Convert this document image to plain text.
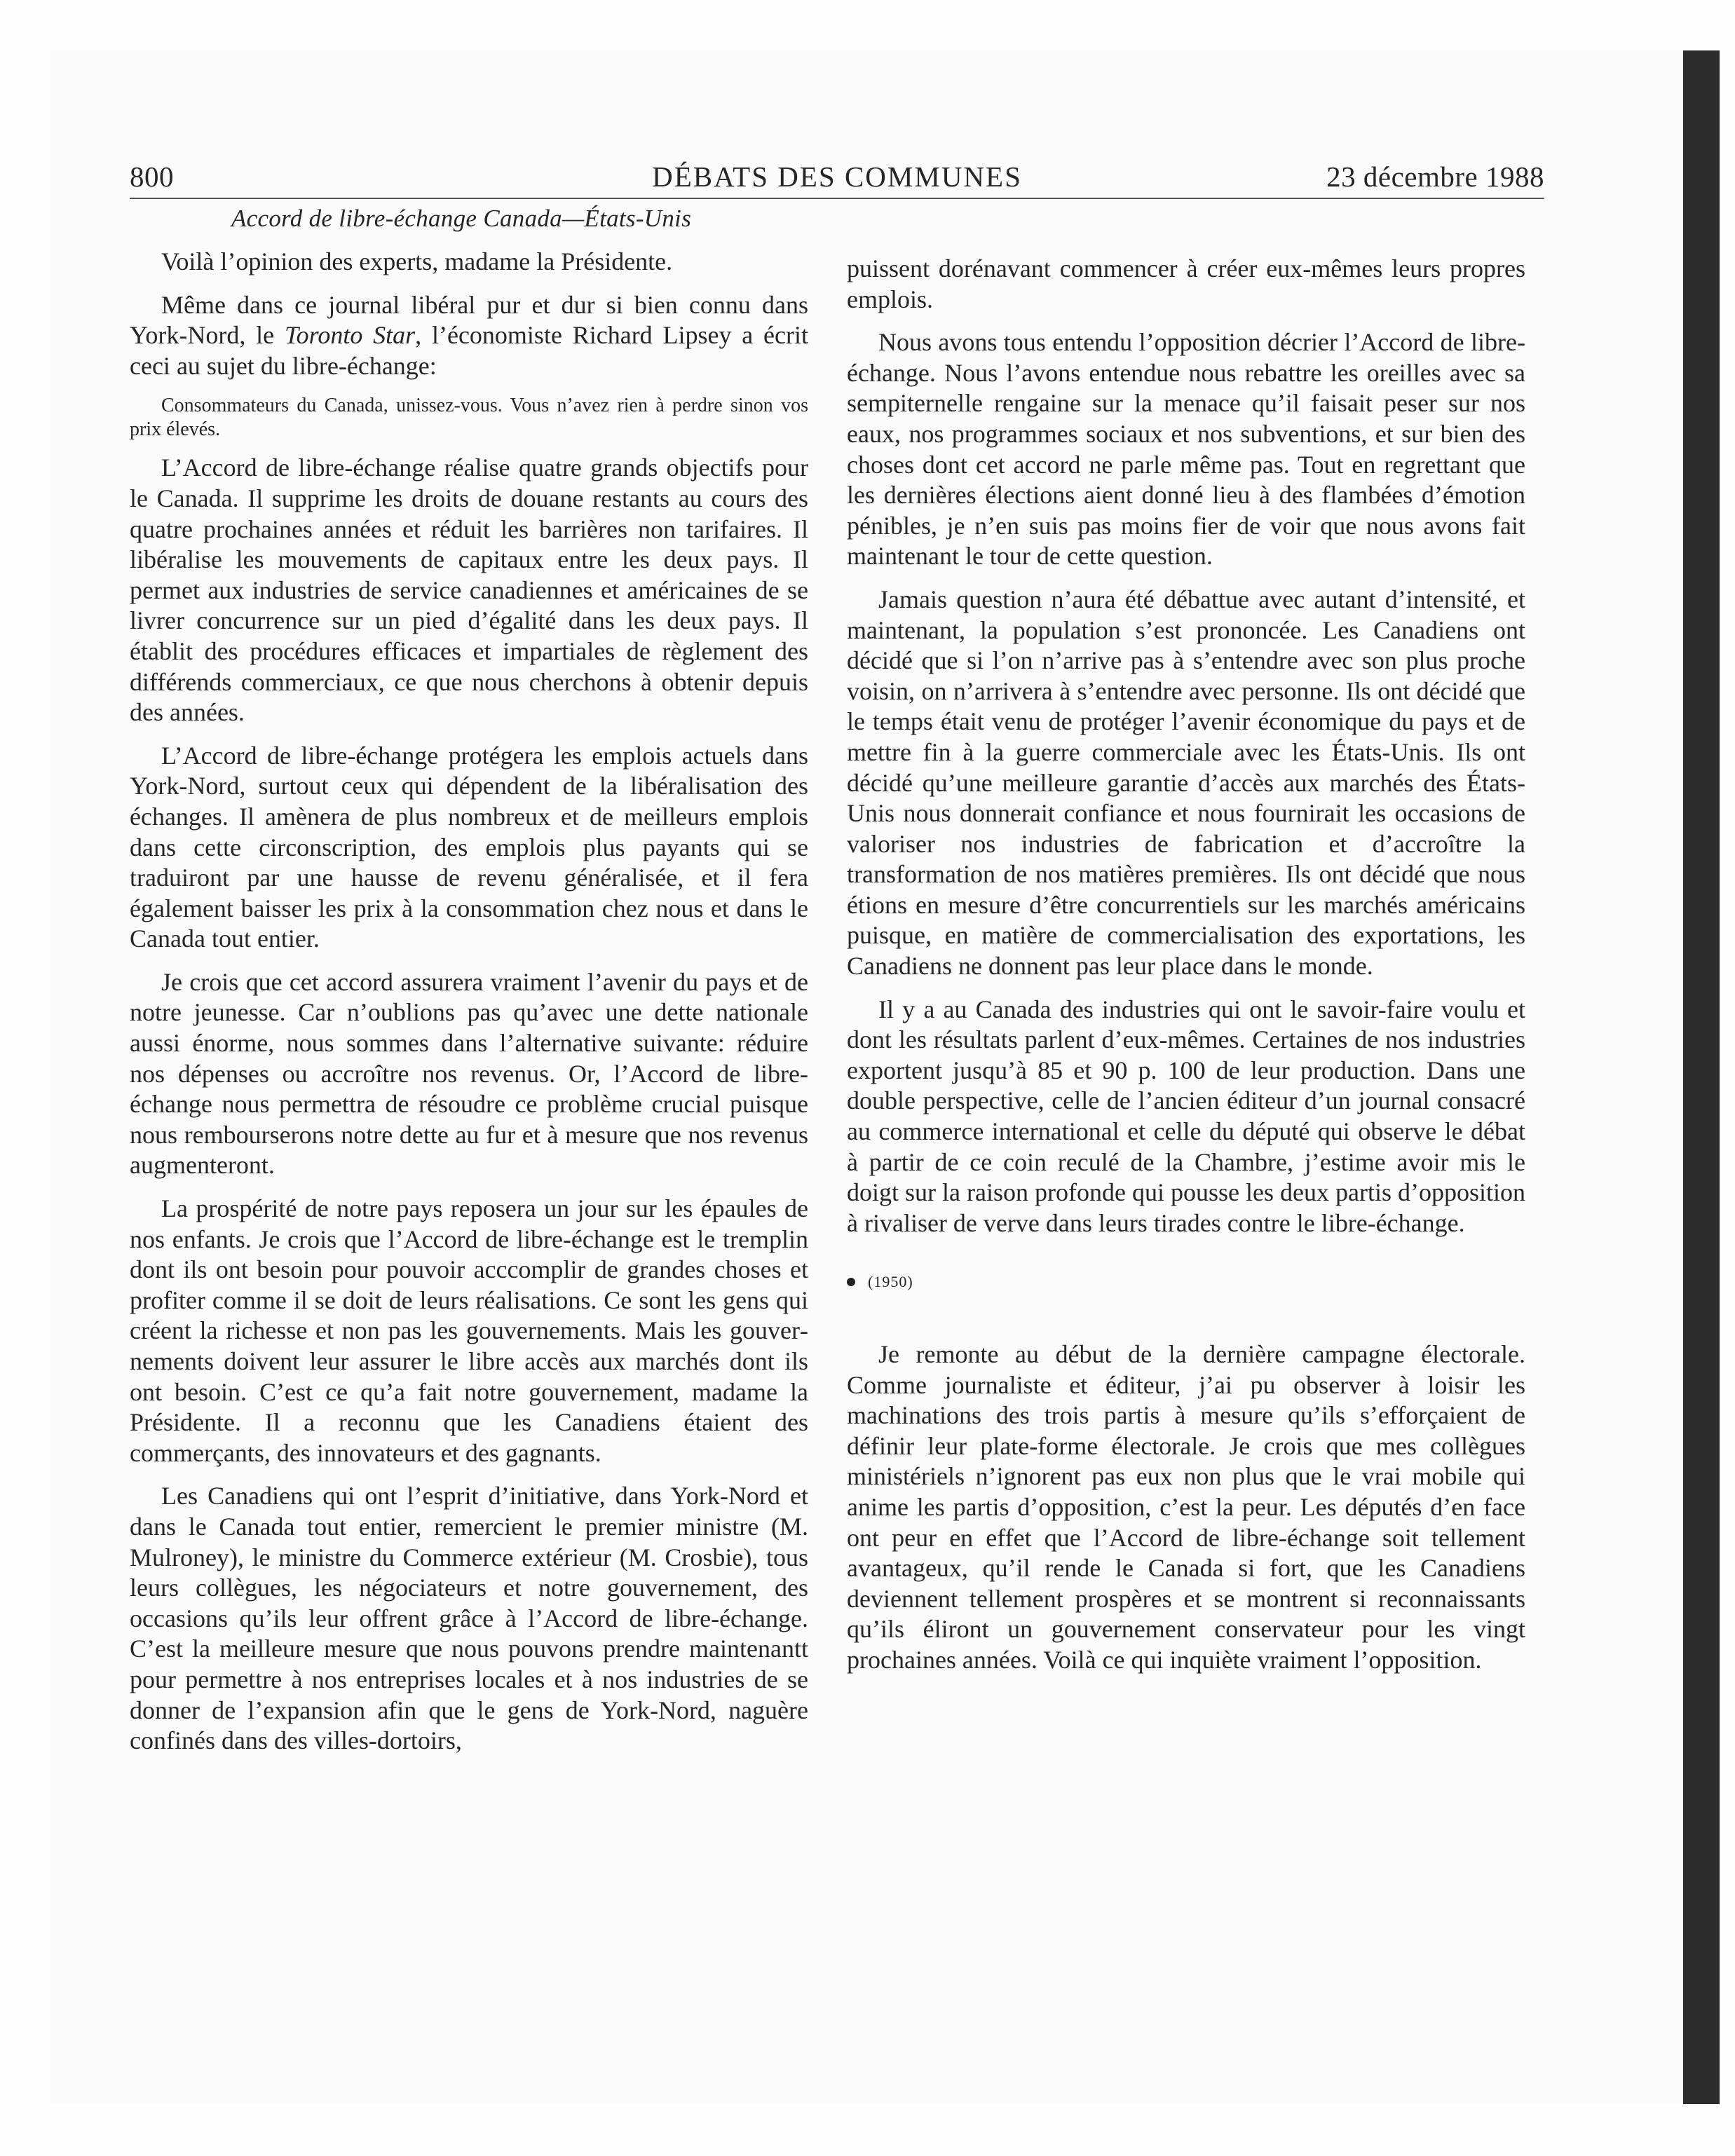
800	DÉBATS DES COMMUNES	23 décembre 1988
Accord de libre-échange Canada—États-Unis

Voilà l’opinion des experts, madame la Présidente.

Même dans ce journal libéral pur et dur si bien connu dans York-Nord, le Toronto Star, l’économiste Richard Lipsey a écrit ceci au sujet du libre-échange:

Consommateurs du Canada, unissez-vous. Vous n’avez rien à perdre sinon vos prix élevés.

L’Accord de libre-échange réalise quatre grands objectifs pour le Canada. Il supprime les droits de douane restants au cours des quatre prochaines années et réduit les barrières non tarifaires. Il libéralise les mouvements de capitaux entre les deux pays. Il permet aux industries de service canadiennes et américaines de se livrer concurrence sur un pied d’égalité dans les deux pays. Il établit des procédures efficaces et impartiales de règlement des différends commerciaux, ce que nous cherchons à obtenir depuis des années.

L’Accord de libre-échange protégera les emplois actuels dans York-Nord, surtout ceux qui dépendent de la libéralisation des échanges. Il amènera de plus nombreux et de meilleurs emplois dans cette circonscription, des emplois plus payants qui se traduiront par une hausse de revenu généralisée, et il fera également baisser les prix à la consommation chez nous et dans le Canada tout entier.

Je crois que cet accord assurera vraiment l’avenir du pays et de notre jeunesse. Car n’oublions pas qu’avec une dette nationale aussi énorme, nous sommes dans l’alternative suivante: réduire nos dépenses ou accroître nos revenus. Or, l’Accord de libre-échange nous permettra de résoudre ce problème crucial puisque nous rembourserons notre dette au fur et à mesure que nos revenus augmenteront.

La prospérité de notre pays reposera un jour sur les épaules de nos enfants. Je crois que l’Accord de libre-échange est le tremplin dont ils ont besoin pour pouvoir acccomplir de grandes choses et profiter comme il se doit de leurs réalisations. Ce sont les gens qui créent la richesse et non pas les gouvernements. Mais les gouvernements doivent leur assurer le libre accès aux marchés dont ils ont besoin. C’est ce qu’a fait notre gouvernement, madame la Présidente. Il a reconnu que les Canadiens étaient des commerçants, des innovateurs et des gagnants.

Les Canadiens qui ont l’esprit d’initiative, dans York-Nord et dans le Canada tout entier, remercient le premier ministre (M. Mulroney), le ministre du Commerce extérieur (M. Crosbie), tous leurs collègues, les négociateurs et notre gouvernement, des occasions qu’ils leur offrent grâce à l’Accord de libre-échange. C’est la meilleure mesure que nous pouvons prendre maintenantt pour permettre à nos entreprises locales et à nos industries de se donner de l’expansion afin que le gens de York-Nord, naguère confinés dans des villes-dortoirs,

puissent dorénavant commencer à créer eux-mêmes leurs propres emplois.

Nous avons tous entendu l’opposition décrier l’Accord de libre-échange. Nous l’avons entendue nous rebattre les oreilles avec sa sempiternelle rengaine sur la menace qu’il faisait peser sur nos eaux, nos programmes sociaux et nos subventions, et sur bien des choses dont cet accord ne parle même pas. Tout en regrettant que les dernières élections aient donné lieu à des flambées d’émotion pénibles, je n’en suis pas moins fier de voir que nous avons fait maintenant le tour de cette question.

Jamais question n’aura été débattue avec autant d’intensité, et maintenant, la population s’est prononcée. Les Canadiens ont décidé que si l’on n’arrive pas à s’entendre avec son plus proche voisin, on n’arrivera à s’entendre avec personne. Ils ont décidé que le temps était venu de protéger l’avenir économique du pays et de mettre fin à la guerre commerciale avec les États-Unis. Ils ont décidé qu’une meilleure garantie d’accès aux marchés des États-Unis nous donnerait confiance et nous fournirait les occasions de valoriser nos industries de fabrication et d’accroître la transformation de nos matières premières. Ils ont décidé que nous étions en mesure d’être concurrentiels sur les marchés américains puisque, en matière de commercialisation des exportations, les Canadiens ne donnent pas leur place dans le monde.

Il y a au Canada des industries qui ont le savoir-faire voulu et dont les résultats parlent d’eux-mêmes. Certaines de nos industries exportent jusqu’à 85 et 90 p. 100 de leur production. Dans une double perspective, celle de l’ancien éditeur d’un journal consacré au commerce international et celle du député qui observe le débat à partir de ce coin reculé de la Chambre, j’estime avoir mis le doigt sur la raison profonde qui pousse les deux partis d’opposition à rivaliser de verve dans leurs tirades contre le libre-échange.

(1950)

Je remonte au début de la dernière campagne électorale. Comme journaliste et éditeur, j’ai pu observer à loisir les machinations des trois partis à mesure qu’ils s’efforçaient de définir leur plate-forme électorale. Je crois que mes collègues ministériels n’ignorent pas eux non plus que le vrai mobile qui anime les partis d’opposition, c’est la peur. Les députés d’en face ont peur en effet que l’Accord de libre-échange soit tellement avantageux, qu’il rende le Canada si fort, que les Canadiens deviennent tellement prospères et se montrent si reconnaissants qu’ils éliront un gouvernement conservateur pour les vingt prochaines années. Voilà ce qui inquiète vraiment l’opposition.
